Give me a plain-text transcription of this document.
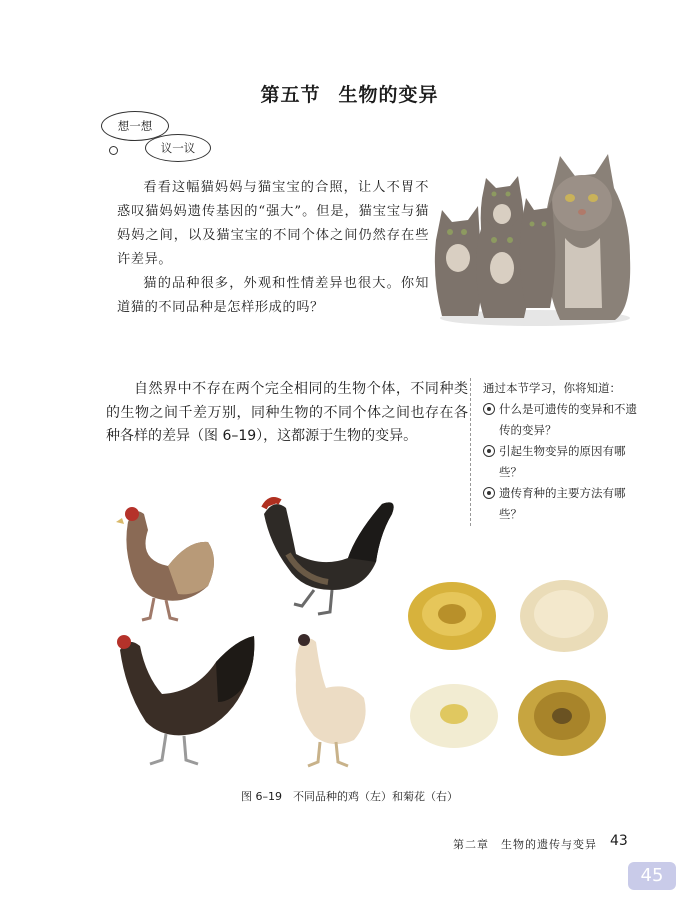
第五节 生物的变异
想一想
议一议

看看这幅猫妈妈与猫宝宝的合照，让人不胃不惑叹猫妈妈遗传基因的“强大”。但是，猫宝宝与猫妈妈之间，以及猫宝宝的不同个体之间仍然存在些许差异。

猫的品种很多，外观和性情差异也很大。你知道猫的不同品种是怎样形成的吗？

自然界中不存在两个完全相同的生物个体，不同种类的生物之间千差万别，同种生物的不同个体之间也存在各种各样的差异（图 6–19），这都源于生物的变异。

通过本节学习，你将知道：
什么是可遗传的变异和不遗传的变异？
引起生物变异的原因有哪些？
遗传育种的主要方法有哪些？
图 6–19　不同品种的鸡（左）和菊花（右）
第二章　生物的遗传与变异 43
45
